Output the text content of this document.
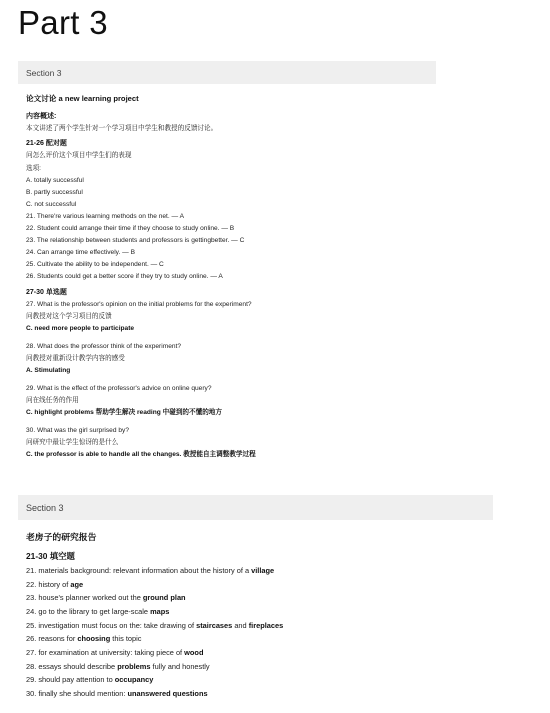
Part 3
Section 3
论文讨论 a new learning project
内容概述:
本文讲述了两个学生针对一个学习项目中学生和教授的反馈讨论。
21-26 配对题
问怎么评价这个项目中学生们的表现
选项:
A. totally successful
B. partly successful
C. not successful
21. There're various learning methods on the net. — A
22. Student could arrange their time if they choose to study online. — B
23. The relationship between students and professors is gettingbetter. — C
24. Can arrange time effectively. — B
25. Cultivate the ability to be independent. — C
26. Students could get a better score if they try to study online. — A
27-30 单选题
27. What is the professor's opinion on the initial problems for the experiment?
问教授对这个学习项目的反馈
C. need more people to participate
28. What does the professor think of the experiment?
问教授对重新设计教学内容的感受
A. Stimulating
29. What is the effect of the professor's advice on online query?
问在线任务的作用
C. highlight problems 帮助学生解决 reading 中碰到的不懂的地方
30. What was the girl surprised by?
问研究中最让学生惊讶的是什么
C. the professor is able to handle all the changes. 教授能自主调整教学过程
Section 3
老房子的研究报告
21-30 填空题
21. materials background: relevant information about the history of a village
22. history of age
23. house's planner worked out the ground plan
24. go to the library to get large-scale maps
25. investigation must focus on the: take drawing of staircases and fireplaces
26. reasons for choosing this topic
27. for examination at university: taking piece of wood
28. essays should describe problems fully and honestly
29. should pay attention to occupancy
30. finally she should mention: unanswered questions
